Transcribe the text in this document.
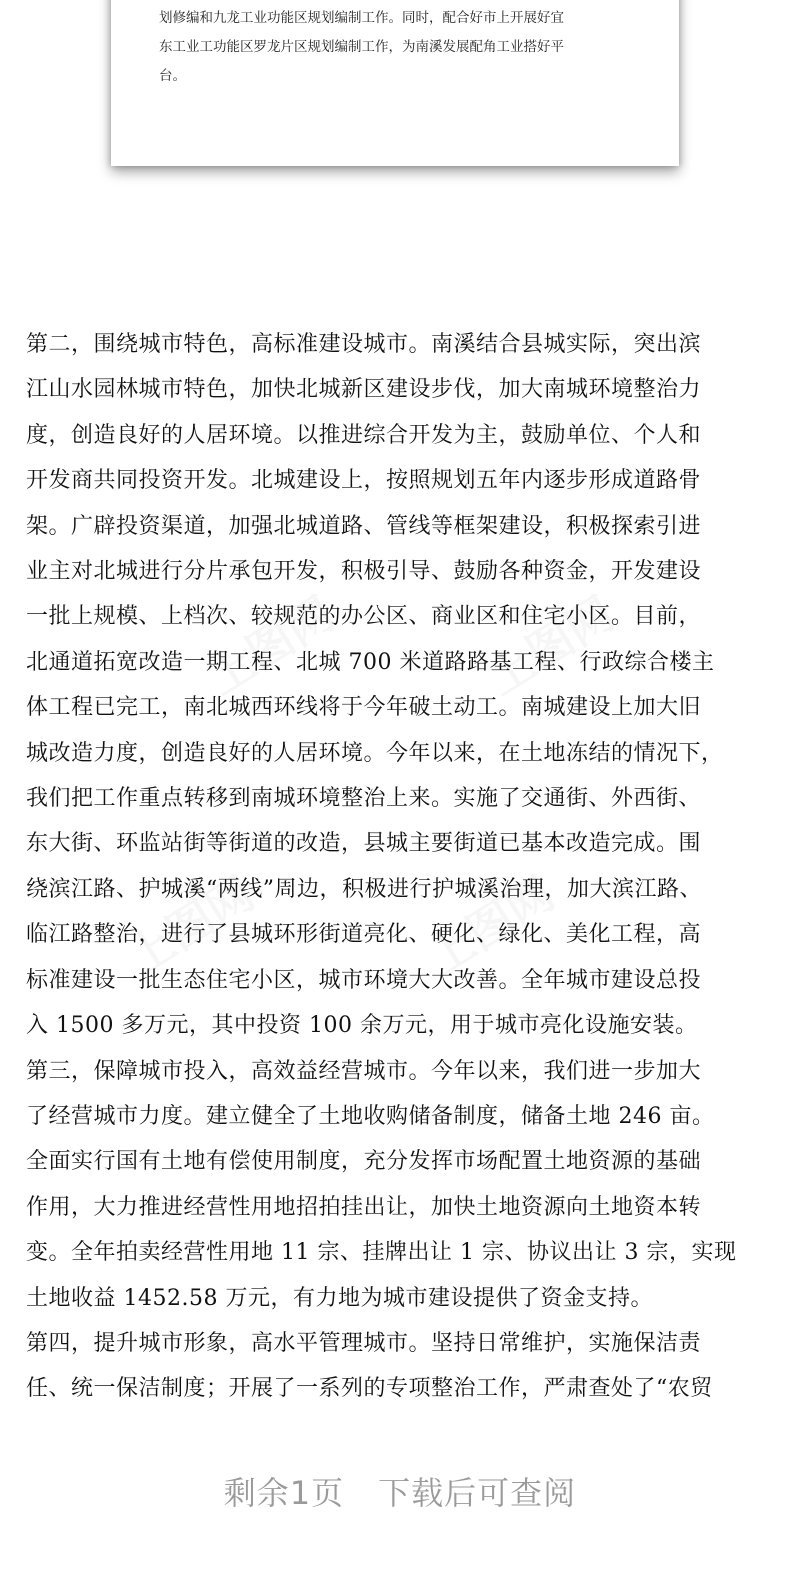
划修编和九龙工业功能区规划编制工作。同时，配合好市上开展好宜
东工业工功能区罗龙片区规划编制工作，为南溪发展配角工业搭好平
台。
第二，围绕城市特色，高标准建设城市。南溪结合县城实际，突出滨
江山水园林城市特色，加快北城新区建设步伐，加大南城环境整治力
度，创造良好的人居环境。以推进综合开发为主，鼓励单位、个人和
开发商共同投资开发。北城建设上，按照规划五年内逐步形成道路骨
架。广辟投资渠道，加强北城道路、管线等框架建设，积极探索引进
业主对北城进行分片承包开发，积极引导、鼓励各种资金，开发建设
一批上规模、上档次、较规范的办公区、商业区和住宅小区。目前，
北通道拓宽改造一期工程、北城 700 米道路路基工程、行政综合楼主
体工程已完工，南北城西环线将于今年破土动工。南城建设上加大旧
城改造力度，创造良好的人居环境。今年以来，在土地冻结的情况下，
我们把工作重点转移到南城环境整治上来。实施了交通街、外西街、
东大街、环监站街等街道的改造，县城主要街道已基本改造完成。围
绕滨江路、护城溪“两线”周边，积极进行护城溪治理，加大滨江路、
临江路整治，进行了县城环形街道亮化、硬化、绿化、美化工程，高
标准建设一批生态住宅小区，城市环境大大改善。全年城市建设总投
入 1500 多万元，其中投资 100 余万元，用于城市亮化设施安装。
第三，保障城市投入，高效益经营城市。今年以来，我们进一步加大
了经营城市力度。建立健全了土地收购储备制度，储备土地 246 亩。
全面实行国有土地有偿使用制度，充分发挥市场配置土地资源的基础
作用，大力推进经营性用地招拍挂出让，加快土地资源向土地资本转
变。全年拍卖经营性用地 11 宗、挂牌出让 1 宗、协议出让 3 宗，实现
土地收益 1452.58 万元，有力地为城市建设提供了资金支持。
第四，提升城市形象，高水平管理城市。坚持日常维护，实施保洁责
任、统一保洁制度；开展了一系列的专项整治工作，严肃查处了“农贸
剩余1页 下载后可查阅
